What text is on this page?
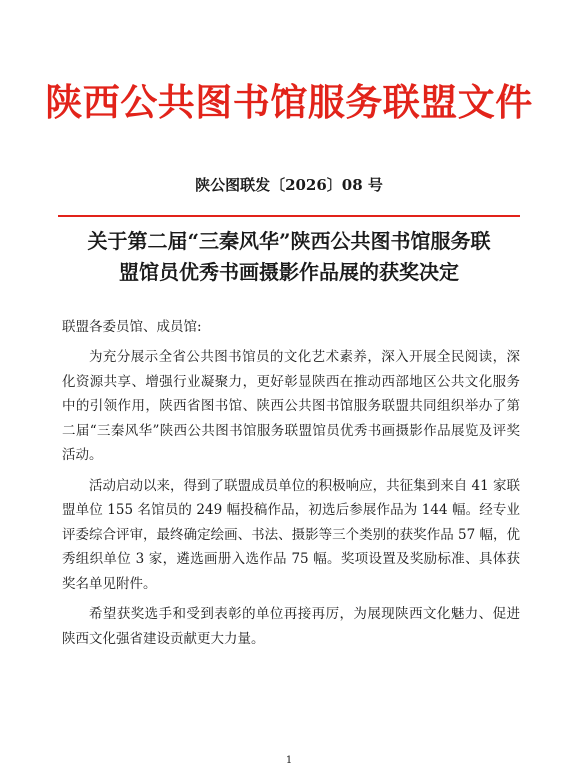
陕西公共图书馆服务联盟文件
陕公图联发〔2026〕08 号
关于第二届“三秦风华”陕西公共图书馆服务联
盟馆员优秀书画摄影作品展的获奖决定

联盟各委员馆、成员馆:

为充分展示全省公共图书馆员的文化艺术素养，深入开展全民阅读，深化资源共享、增强行业凝聚力，更好彰显陕西在推动西部地区公共文化服务中的引领作用，陕西省图书馆、陕西公共图书馆服务联盟共同组织举办了第二届“三秦风华”陕西公共图书馆服务联盟馆员优秀书画摄影作品展览及评奖活动。

活动启动以来，得到了联盟成员单位的积极响应，共征集到来自 41 家联盟单位 155 名馆员的 249 幅投稿作品，初选后参展作品为 144 幅。经专业评委综合评审，最终确定绘画、书法、摄影等三个类别的获奖作品 57 幅，优秀组织单位 3 家，遴选画册入选作品 75 幅。奖项设置及奖励标准、具体获奖名单见附件。

希望获奖选手和受到表彰的单位再接再厉，为展现陕西文化魅力、促进陕西文化强省建设贡献更大力量。

1
